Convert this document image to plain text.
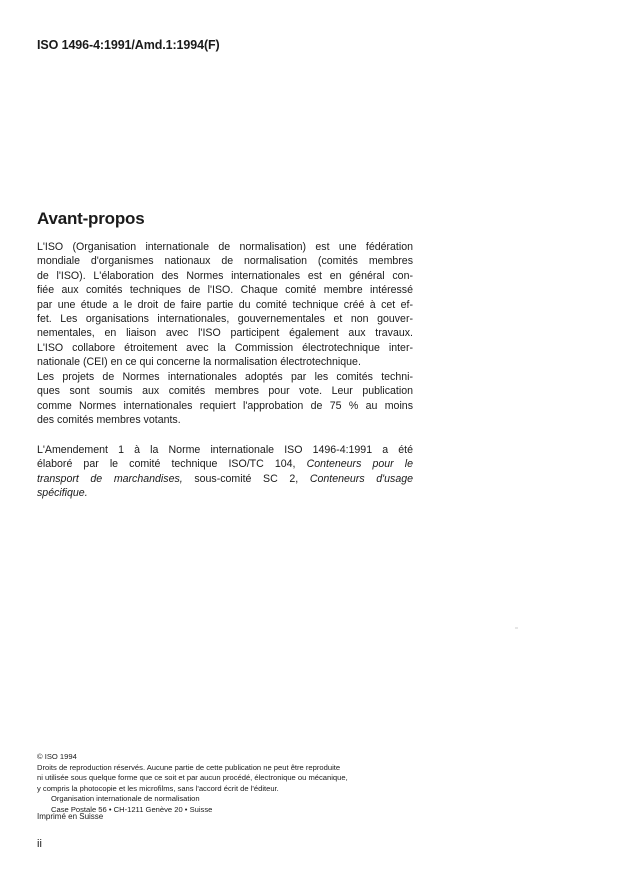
ISO 1496-4:1991/Amd.1:1994(F)
Avant-propos
L'ISO (Organisation internationale de normalisation) est une fédération
mondiale d'organismes nationaux de normalisation (comités membres
de l'ISO). L'élaboration des Normes internationales est en général con-
fiée aux comités techniques de l'ISO. Chaque comité membre intéressé
par une étude a le droit de faire partie du comité technique créé à cet ef-
fet. Les organisations internationales, gouvernementales et non gouver-
nementales, en liaison avec l'ISO participent également aux travaux.
L'ISO collabore étroitement avec la Commission électrotechnique inter-
nationale (CEI) en ce qui concerne la normalisation électrotechnique.
Les projets de Normes internationales adoptés par les comités techni-
ques sont soumis aux comités membres pour vote. Leur publication
comme Normes internationales requiert l'approbation de 75 % au moins
des comités membres votants.
L'Amendement 1 à la Norme internationale ISO 1496-4:1991 a été
élaboré par le comité technique ISO/TC 104, Conteneurs pour le
transport de marchandises, sous-comité SC 2, Conteneurs d'usage
spécifique.
© ISO 1994
Droits de reproduction réservés. Aucune partie de cette publication ne peut être reproduite
ni utilisée sous quelque forme que ce soit et par aucun procédé, électronique ou mécanique,
y compris la photocopie et les microfilms, sans l'accord écrit de l'éditeur.
Organisation internationale de normalisation
Case Postale 56 • CH-1211 Genève 20 • Suisse
Imprimé en Suisse
ii
